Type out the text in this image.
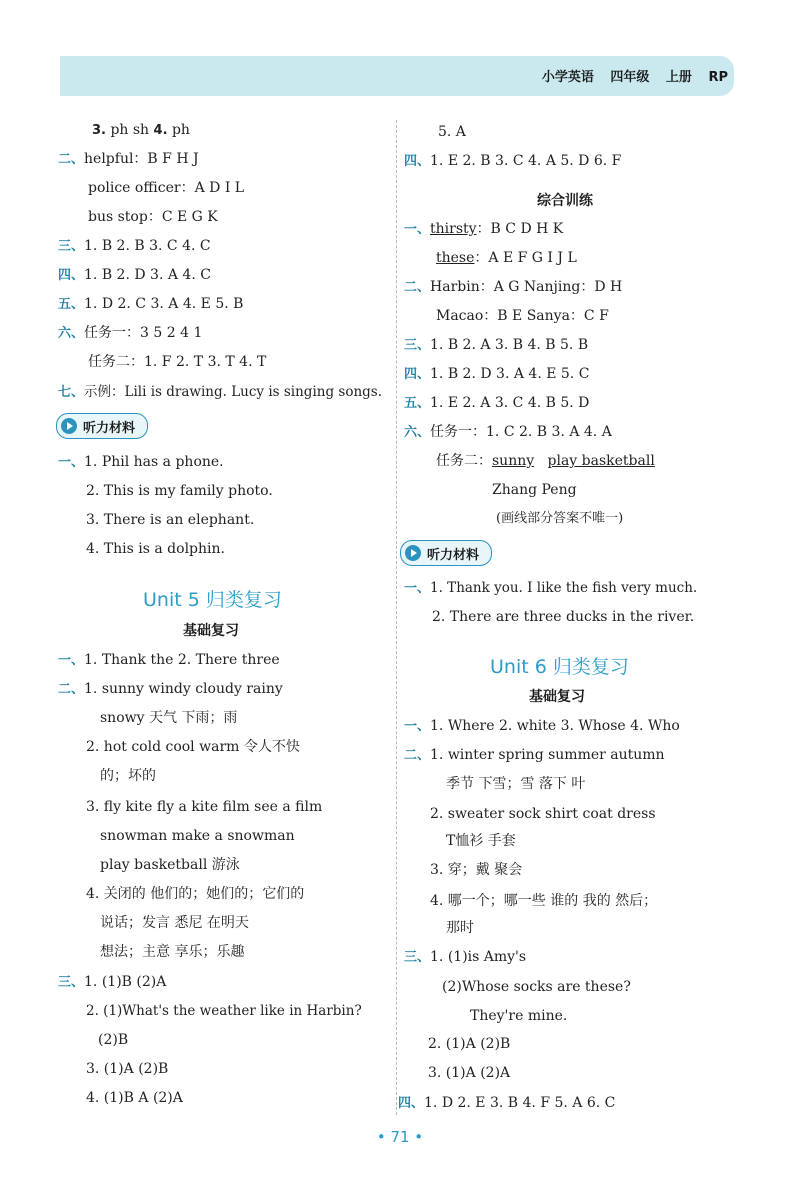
小学英语 四年级 上册 RP
3. ph sh 4. ph
二、helpful：B F H J
police officer：A D I L
bus stop：C E G K
三、1. B 2. B 3. C 4. C
四、1. B 2. D 3. A 4. C
五、1. D 2. C 3. A 4. E 5. B
六、任务一：3 5 2 4 1
任务二：1. F 2. T 3. T 4. T
七、示例：Lili is drawing. Lucy is singing songs.
听力材料
一、1. Phil has a phone.
2. This is my family photo.
3. There is an elephant.
4. This is a dolphin.
Unit 5 归类复习
基础复习
一、1. Thank the 2. There three
二、1. sunny windy cloudy rainy
snowy 天气 下雨；雨
2. hot cold cool warm 令人不快
的；坏的
3. fly kite fly a kite film see a film
snowman make a snowman
play basketball 游泳
4. 关闭的 他们的；她们的；它们的
说话；发言 悉尼 在明天
想法；主意 享乐；乐趣
三、1. (1)B (2)A
2. (1)What's the weather like in Harbin?
(2)B
3. (1)A (2)B
4. (1)B A (2)A
5. A
四、1. E 2. B 3. C 4. A 5. D 6. F
综合训练
一、thirsty：B C D H K
these：A E F G I J L
二、Harbin：A G Nanjing：D H
Macao：B E Sanya：C F
三、1. B 2. A 3. B 4. B 5. B
四、1. B 2. D 3. A 4. E 5. C
五、1. E 2. A 3. C 4. B 5. D
六、任务一：1. C 2. B 3. A 4. A
任务二：sunny play basketball
Zhang Peng
(画线部分答案不唯一)
听力材料
一、1. Thank you. I like the fish very much.
2. There are three ducks in the river.
Unit 6 归类复习
基础复习
一、1. Where 2. white 3. Whose 4. Who
二、1. winter spring summer autumn
季节 下雪；雪 落下 叶
2. sweater sock shirt coat dress
T恤衫 手套
3. 穿；戴 聚会
4. 哪一个；哪一些 谁的 我的 然后；
那时
三、1. (1)is Amy's
(2)Whose socks are these?
They're mine.
2. (1)A (2)B
3. (1)A (2)A
四、1. D 2. E 3. B 4. F 5. A 6. C
• 71 •
